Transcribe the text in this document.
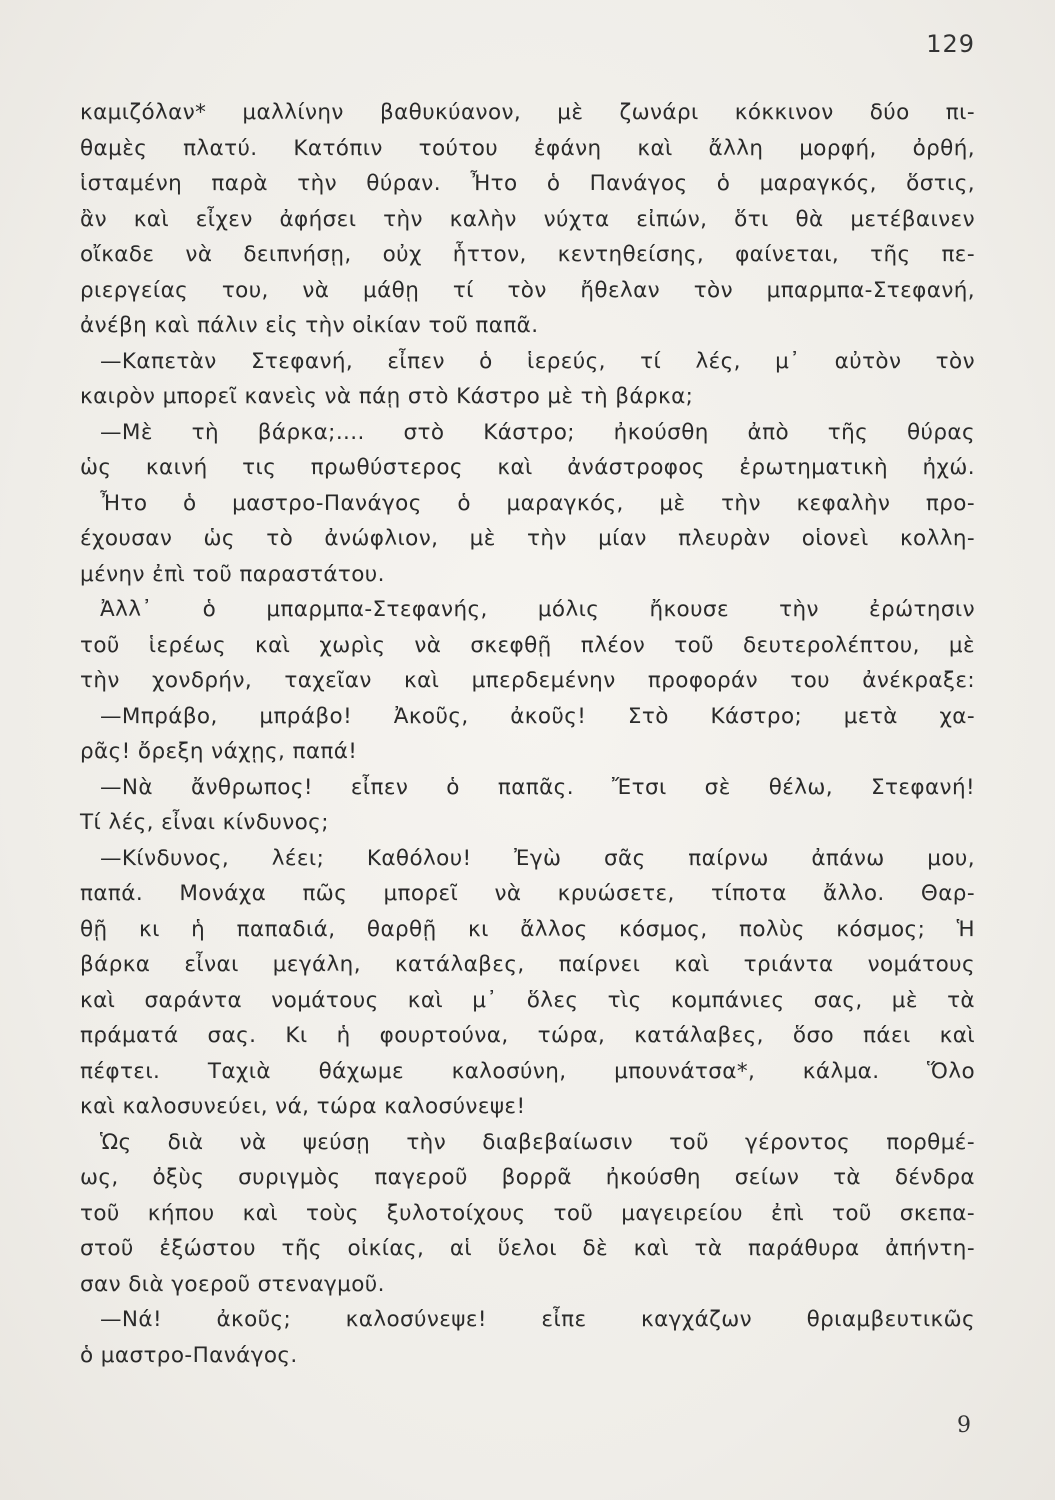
129
καμιζόλαν* μαλλίνην βαθυκύανον, μὲ ζωνάρι κόκκινον δύο πι-
θαμὲς πλατύ. Κατόπιν τούτου ἐφάνη καὶ ἄλλη μορφή, ὀρθή,
ἱσταμένη παρὰ τὴν θύραν. Ἦτο ὁ Πανάγος ὁ μαραγκός, ὅστις,
ἂν καὶ εἶχεν ἀφήσει τὴν καλὴν νύχτα εἰπών, ὅτι θὰ μετέβαινεν
οἴκαδε νὰ δειπνήσῃ, οὐχ ἧττον, κεντηθείσης, φαίνεται, τῆς πε-
ριεργείας του, νὰ μάθῃ τί τὸν ἤθελαν τὸν μπαρμπα-Στεφανή,
ἀνέβη καὶ πάλιν εἰς τὴν οἰκίαν τοῦ παπᾶ.
—Καπετὰν Στεφανή, εἶπεν ὁ ἱερεύς, τί λές, μ᾿ αὐτὸν τὸν
καιρὸν μπορεῖ κανεὶς νὰ πάῃ στὸ Κάστρο μὲ τὴ βάρκα;
—Μὲ τὴ βάρκα;.... στὸ Κάστρο; ἠκούσθη ἀπὸ τῆς θύρας
ὡς καινή τις πρωθύστερος καὶ ἀνάστροφος ἐρωτηματικὴ ἠχώ.
Ἦτο ὁ μαστρο-Πανάγος ὁ μαραγκός, μὲ τὴν κεφαλὴν προ-
έχουσαν ὡς τὸ ἀνώφλιον, μὲ τὴν μίαν πλευρὰν οἱονεὶ κολλη-
μένην ἐπὶ τοῦ παραστάτου.
Ἀλλ᾿ ὁ μπαρμπα-Στεφανής, μόλις ἤκουσε τὴν ἐρώτησιν
τοῦ ἱερέως καὶ χωρὶς νὰ σκεφθῇ πλέον τοῦ δευτερολέπτου, μὲ
τὴν χονδρήν, ταχεῖαν καὶ μπερδεμένην προφοράν του ἀνέκραξε:
—Μπράβο, μπράβο! Ἀκοῦς, ἀκοῦς! Στὸ Κάστρο; μετὰ χα-
ρᾶς! ὄρεξη νάχῃς, παπά!
—Νὰ ἄνθρωπος! εἶπεν ὁ παπᾶς. Ἔτσι σὲ θέλω, Στεφανή!
Τί λές, εἶναι κίνδυνος;
—Κίνδυνος, λέει; Καθόλου! Ἐγὼ σᾶς παίρνω ἀπάνω μου,
παπά. Μονάχα πῶς μπορεῖ νὰ κρυώσετε, τίποτα ἄλλο. Θαρ-
θῇ κι ἡ παπαδιά, θαρθῇ κι ἄλλος κόσμος, πολὺς κόσμος; Ἡ
βάρκα εἶναι μεγάλη, κατάλαβες, παίρνει καὶ τριάντα νομάτους
καὶ σαράντα νομάτους καὶ μ᾿ ὅλες τὶς κομπάνιες σας, μὲ τὰ
πράματά σας. Κι ἡ φουρτούνα, τώρα, κατάλαβες, ὅσο πάει καὶ
πέφτει. Ταχιὰ θάχωμε καλοσύνη, μπουνάτσα*, κάλμα. Ὅλο
καὶ καλοσυνεύει, νά, τώρα καλοσύνεψε!
Ὡς διὰ νὰ ψεύσῃ τὴν διαβεβαίωσιν τοῦ γέροντος πορθμέ-
ως, ὀξὺς συριγμὸς παγεροῦ βορρᾶ ἠκούσθη σείων τὰ δένδρα
τοῦ κήπου καὶ τοὺς ξυλοτοίχους τοῦ μαγειρείου ἐπὶ τοῦ σκεπα-
στοῦ ἐξώστου τῆς οἰκίας, αἱ ὕελοι δὲ καὶ τὰ παράθυρα ἀπήντη-
σαν διὰ γοεροῦ στεναγμοῦ.
—Νά! ἀκοῦς; καλοσύνεψε! εἶπε καγχάζων θριαμβευτικῶς
ὁ μαστρο-Πανάγος.
9
